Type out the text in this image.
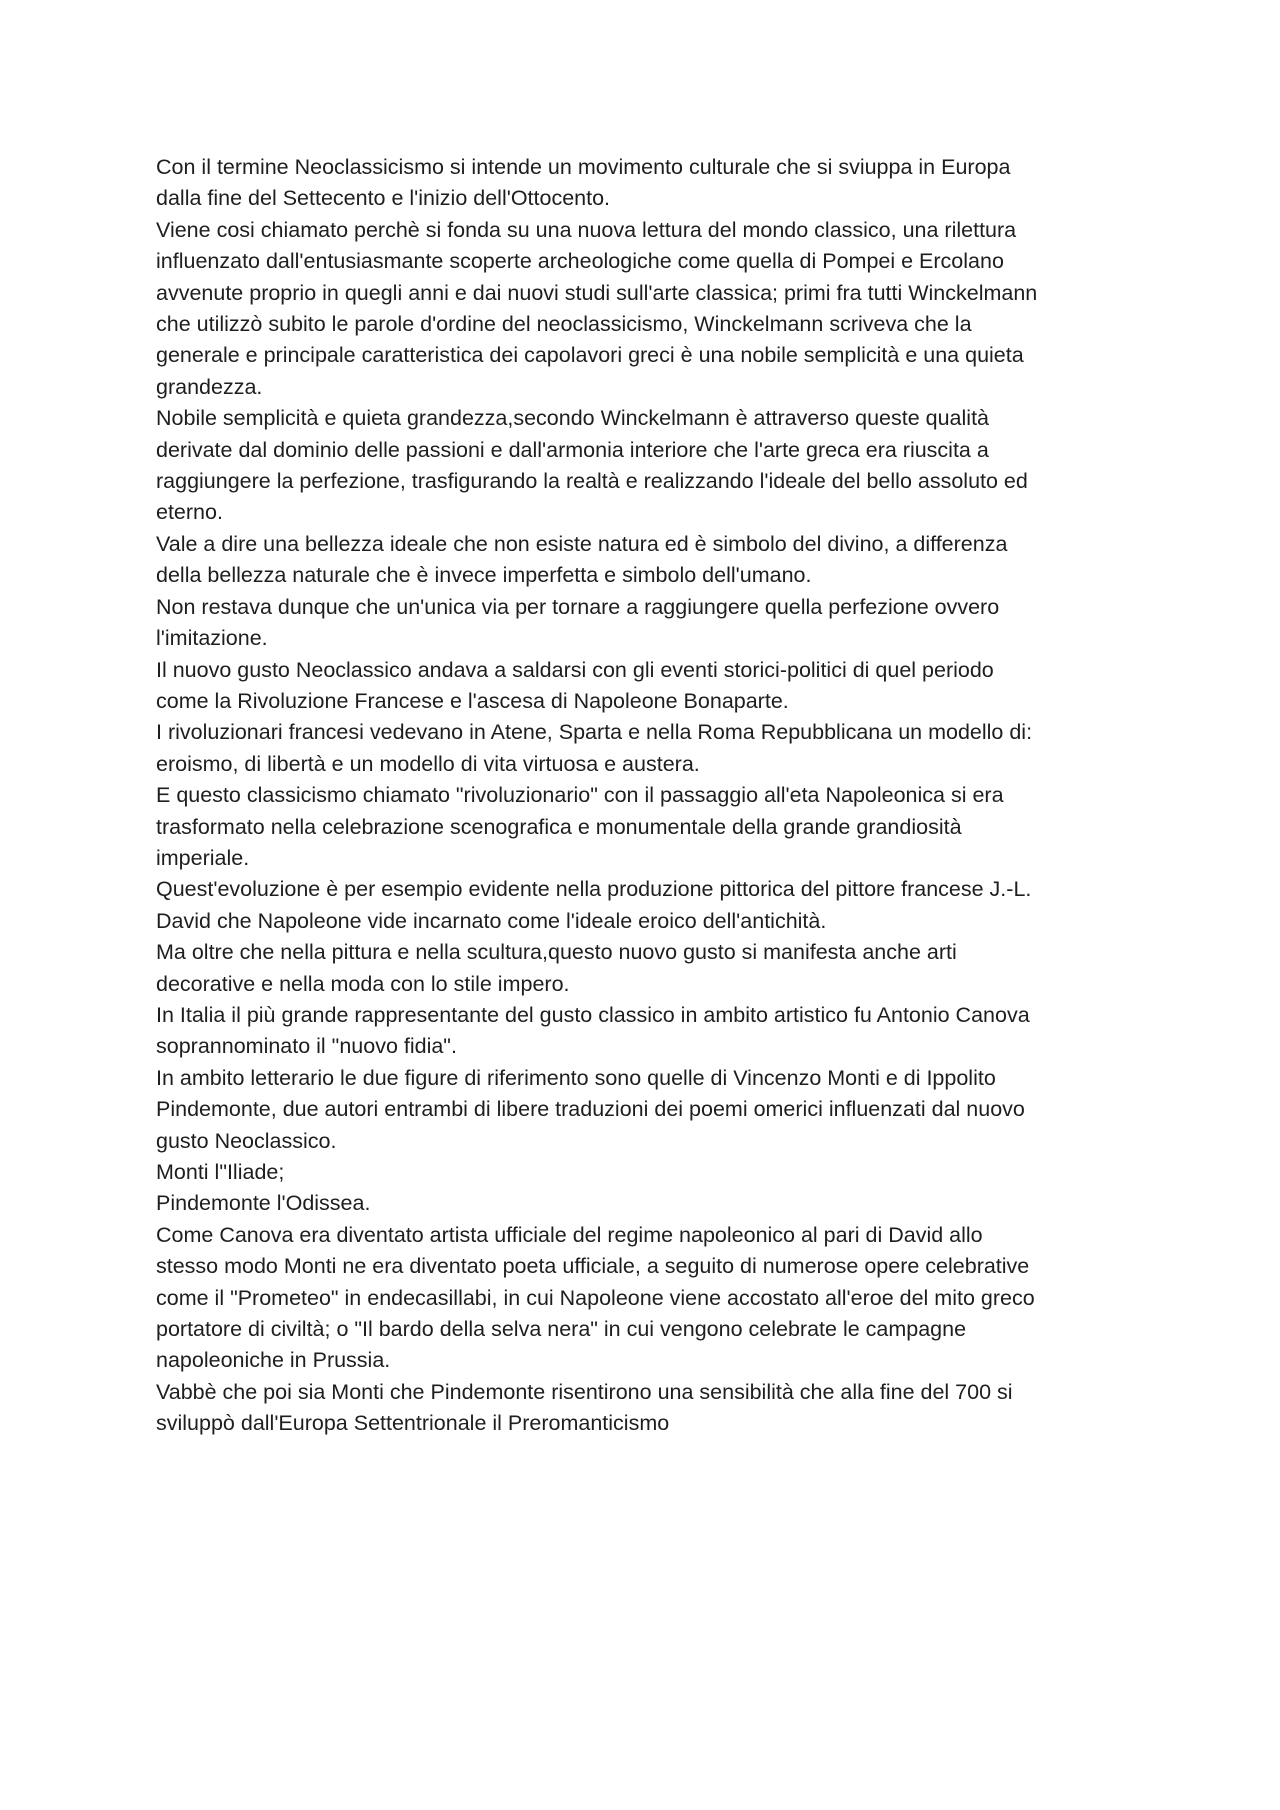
Con il termine Neoclassicismo si intende un movimento culturale che si sviuppa in Europa

dalla fine del Settecento e l'inizio dell'Ottocento.

Viene cosi chiamato perchè si fonda su una nuova lettura del mondo classico, una rilettura

influenzato dall'entusiasmante scoperte archeologiche come quella di Pompei e Ercolano

avvenute proprio in quegli anni e dai nuovi studi sull'arte classica; primi fra tutti Winckelmann

che utilizzò subito le parole d'ordine del neoclassicismo, Winckelmann scriveva che la

generale e principale caratteristica dei capolavori greci è una nobile semplicità e una quieta

grandezza.

Nobile semplicità e quieta grandezza,secondo Winckelmann è attraverso queste qualità

derivate dal dominio delle passioni e dall'armonia interiore che l'arte greca era riuscita a

raggiungere la perfezione, trasfigurando la realtà e realizzando l'ideale del bello assoluto ed

eterno.

Vale a dire una bellezza ideale che non esiste natura ed è simbolo del divino, a differenza

della bellezza naturale che è invece imperfetta e simbolo dell'umano.

Non restava dunque che un'unica via per tornare a raggiungere quella perfezione ovvero

l'imitazione.

Il nuovo gusto Neoclassico andava a saldarsi con gli eventi storici-politici di quel periodo

come la Rivoluzione Francese e l'ascesa di Napoleone Bonaparte.

I rivoluzionari francesi vedevano in Atene, Sparta e nella Roma Repubblicana un modello di:

eroismo, di libertà e un modello di vita virtuosa e austera.

E questo classicismo chiamato "rivoluzionario" con il passaggio all'eta Napoleonica si era

trasformato nella celebrazione scenografica e monumentale della grande grandiosità

imperiale.

Quest'evoluzione è per esempio evidente nella produzione pittorica del pittore francese J.-L.

David che Napoleone vide incarnato come l'ideale eroico dell'antichità.

Ma oltre che nella pittura e nella scultura,questo nuovo gusto si manifesta anche arti

decorative e nella moda con lo stile impero.

In Italia il più grande rappresentante del gusto classico in ambito artistico fu Antonio Canova

soprannominato il "nuovo fidia".

In ambito letterario le due figure di riferimento sono quelle di Vincenzo Monti e di Ippolito

Pindemonte, due autori entrambi di libere traduzioni dei poemi omerici influenzati dal nuovo

gusto Neoclassico.

Monti l"Iliade;

Pindemonte l'Odissea.

Come Canova era diventato artista ufficiale del regime napoleonico al pari di David allo

stesso modo Monti ne era diventato poeta ufficiale, a seguito di numerose opere celebrative

come il "Prometeo" in endecasillabi, in cui Napoleone viene accostato all'eroe del mito greco

portatore di civiltà; o "Il bardo della selva nera" in cui vengono celebrate le campagne

napoleoniche in Prussia.

Vabbè che poi sia Monti che Pindemonte risentirono una sensibilità che alla fine del 700 si

sviluppò dall'Europa Settentrionale il Preromanticismo
